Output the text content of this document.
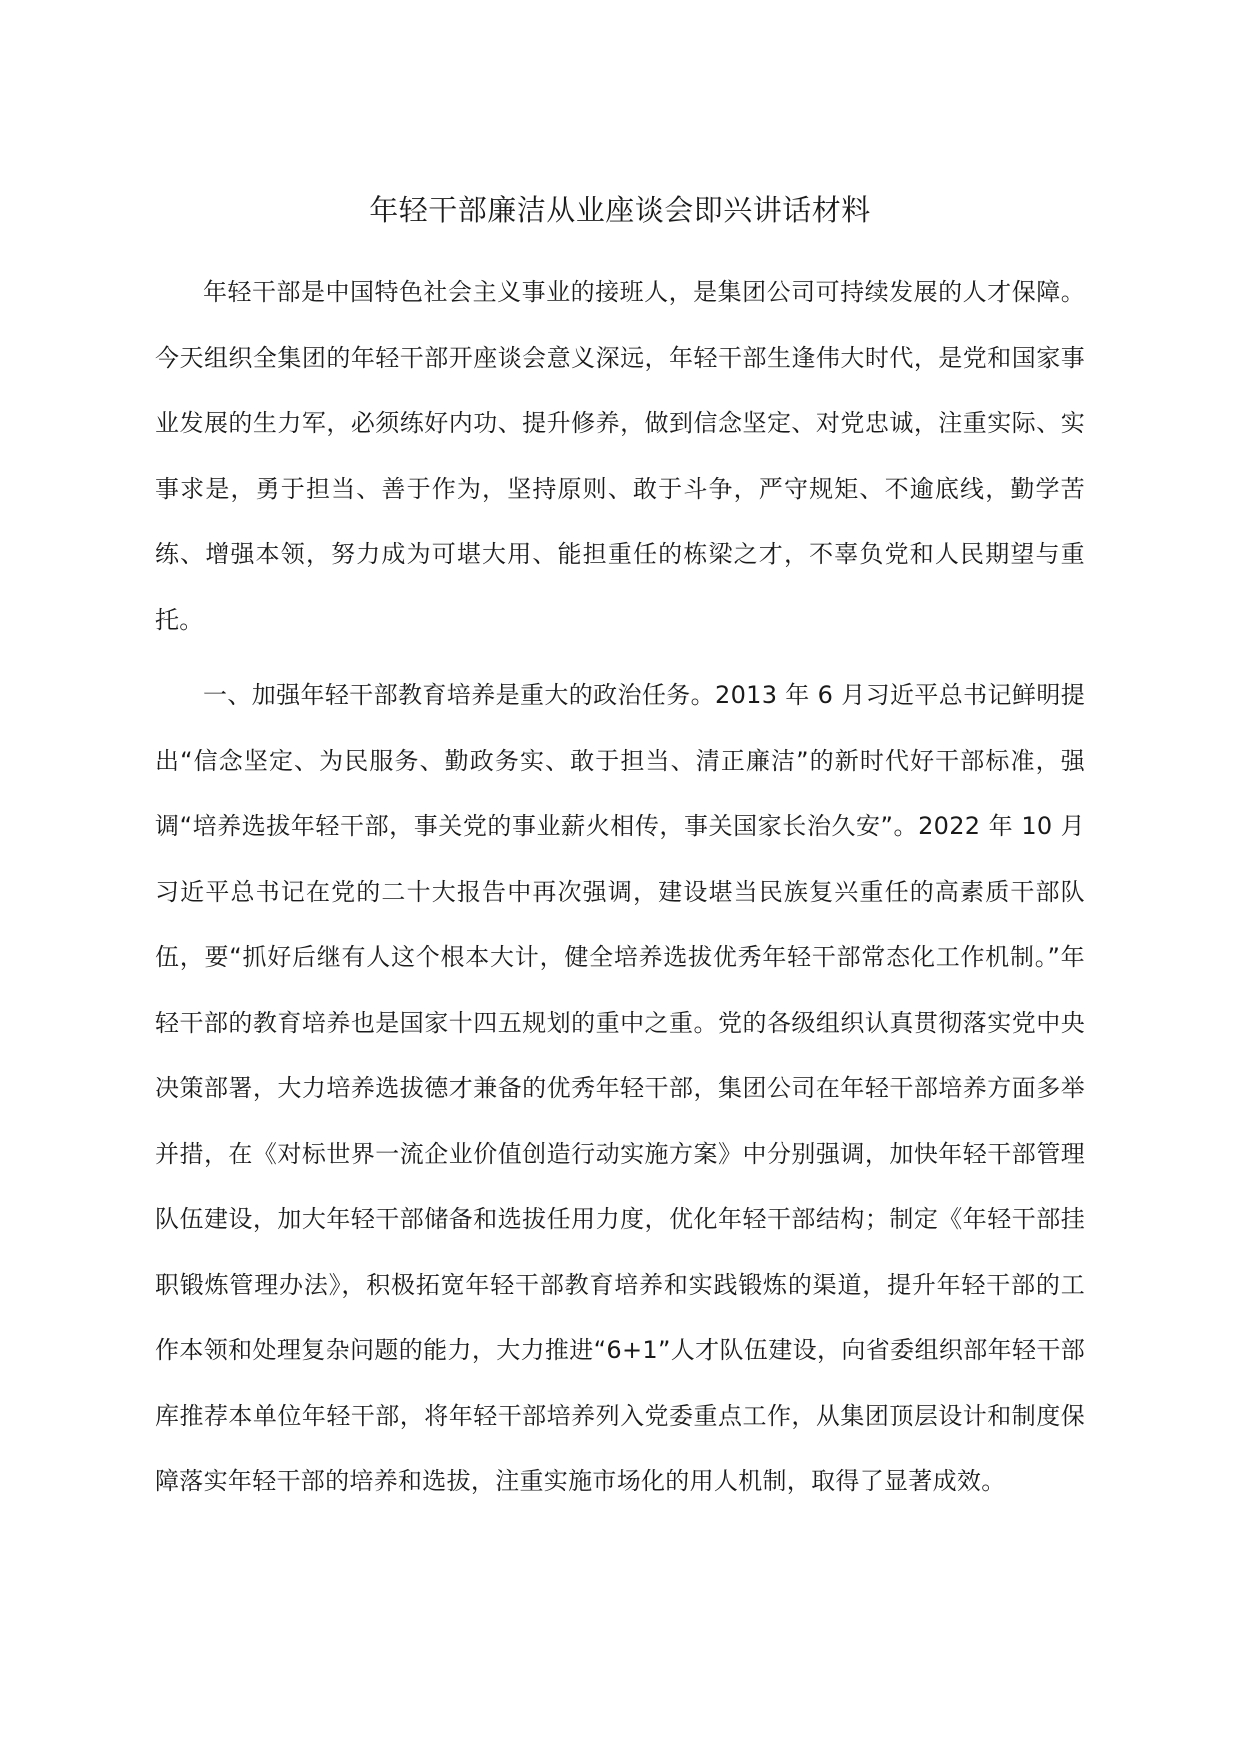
年轻干部廉洁从业座谈会即兴讲话材料

年轻干部是中国特色社会主义事业的接班人，是集团公司可持续发展的人才保障。今天组织全集团的年轻干部开座谈会意义深远，年轻干部生逢伟大时代，是党和国家事业发展的生力军，必须练好内功、提升修养，做到信念坚定、对党忠诚，注重实际、实事求是，勇于担当、善于作为，坚持原则、敢于斗争，严守规矩、不逾底线，勤学苦练、增强本领，努力成为可堪大用、能担重任的栋梁之才，不辜负党和人民期望与重托。

一、加强年轻干部教育培养是重大的政治任务。2013 年 6 月习近平总书记鲜明提出“信念坚定、为民服务、勤政务实、敢于担当、清正廉洁”的新时代好干部标准，强调“培养选拔年轻干部，事关党的事业薪火相传，事关国家长治久安”。2022 年 10 月习近平总书记在党的二十大报告中再次强调，建设堪当民族复兴重任的高素质干部队伍，要“抓好后继有人这个根本大计，健全培养选拔优秀年轻干部常态化工作机制。”年轻干部的教育培养也是国家十四五规划的重中之重。党的各级组织认真贯彻落实党中央决策部署，大力培养选拔德才兼备的优秀年轻干部，集团公司在年轻干部培养方面多举并措，在《对标世界一流企业价值创造行动实施方案》中分别强调，加快年轻干部管理队伍建设，加大年轻干部储备和选拔任用力度，优化年轻干部结构；制定《年轻干部挂职锻炼管理办法》，积极拓宽年轻干部教育培养和实践锻炼的渠道，提升年轻干部的工作本领和处理复杂问题的能力，大力推进“6+1”人才队伍建设，向省委组织部年轻干部库推荐本单位年轻干部，将年轻干部培养列入党委重点工作，从集团顶层设计和制度保障落实年轻干部的培养和选拔，注重实施市场化的用人机制，取得了显著成效。
